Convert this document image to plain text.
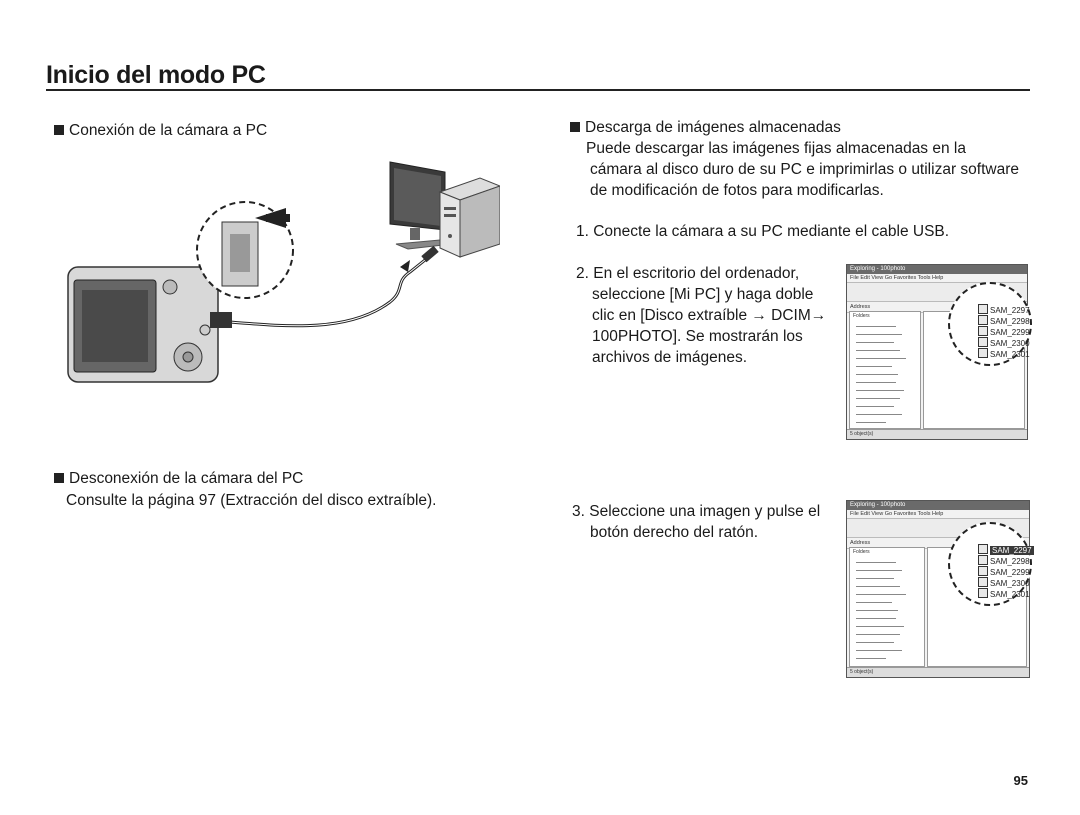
Inicio del modo PC
Conexión de la cámara a PC
Desconexión de la cámara del PC
Consulte la página 97 (Extracción del disco extraíble).
Descarga de imágenes almacenadas
Puede descargar las imágenes fijas almacenadas en la
cámara al disco duro de su PC e imprimirlas o utilizar software
de modificación de fotos para modificarlas.
1. Conecte la cámara a su PC mediante el cable USB.
2. En el escritorio del ordenador,
seleccione [Mi PC] y haga doble
clic en [Disco extraíble → DCIM→
100PHOTO]. Se mostrarán los
archivos de imágenes.
3. Seleccione una imagen y pulse el
botón derecho del ratón.
Exploring - 100photo
File Edit View Go Favorites Tools Help
Address
Folders
5 object(s)
SAM_2297
SAM_2298
SAM_2299
SAM_2300
SAM_2301
Exploring - 100photo
File Edit View Go Favorites Tools Help
Address
Folders
5 object(s)
SAM_2297
SAM_2298
SAM_2299
SAM_2300
SAM_2301
95
